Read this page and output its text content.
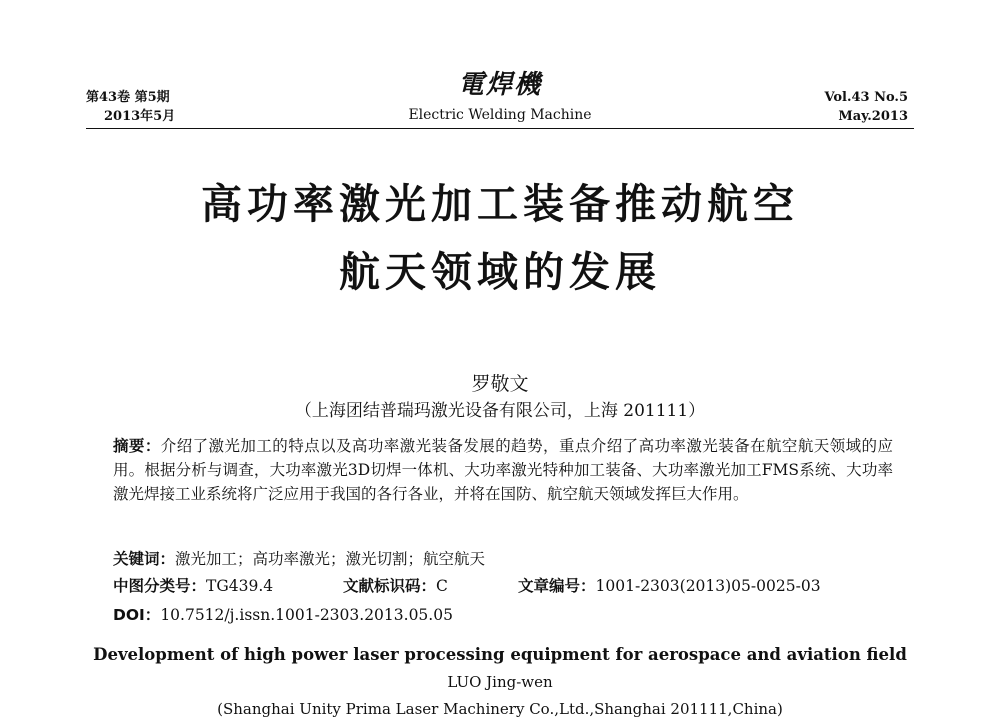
第43卷 第5期
2013年5月
電焊機
Electric Welding Machine
Vol.43 No.5
May.2013
高功率激光加工装备推动航空
航天领域的发展
罗敬文
（上海团结普瑞玛激光设备有限公司，上海 201111）
摘要：介绍了激光加工的特点以及高功率激光装备发展的趋势，重点介绍了高功率激光装备在航空航天领域的应用。根据分析与调查，大功率激光3D切焊一体机、大功率激光特种加工装备、大功率激光加工FMS系统、大功率激光焊接工业系统将广泛应用于我国的各行各业，并将在国防、航空航天领域发挥巨大作用。
关键词：激光加工；高功率激光；激光切割；航空航天
中图分类号：TG439.4	文献标识码：C	文章编号：1001-2303(2013)05-0025-03
DOI：10.7512/j.issn.1001-2303.2013.05.05
Development of high power laser processing equipment for aerospace and aviation field
LUO Jing-wen
(Shanghai Unity Prima Laser Machinery Co.,Ltd.,Shanghai 201111,China)
